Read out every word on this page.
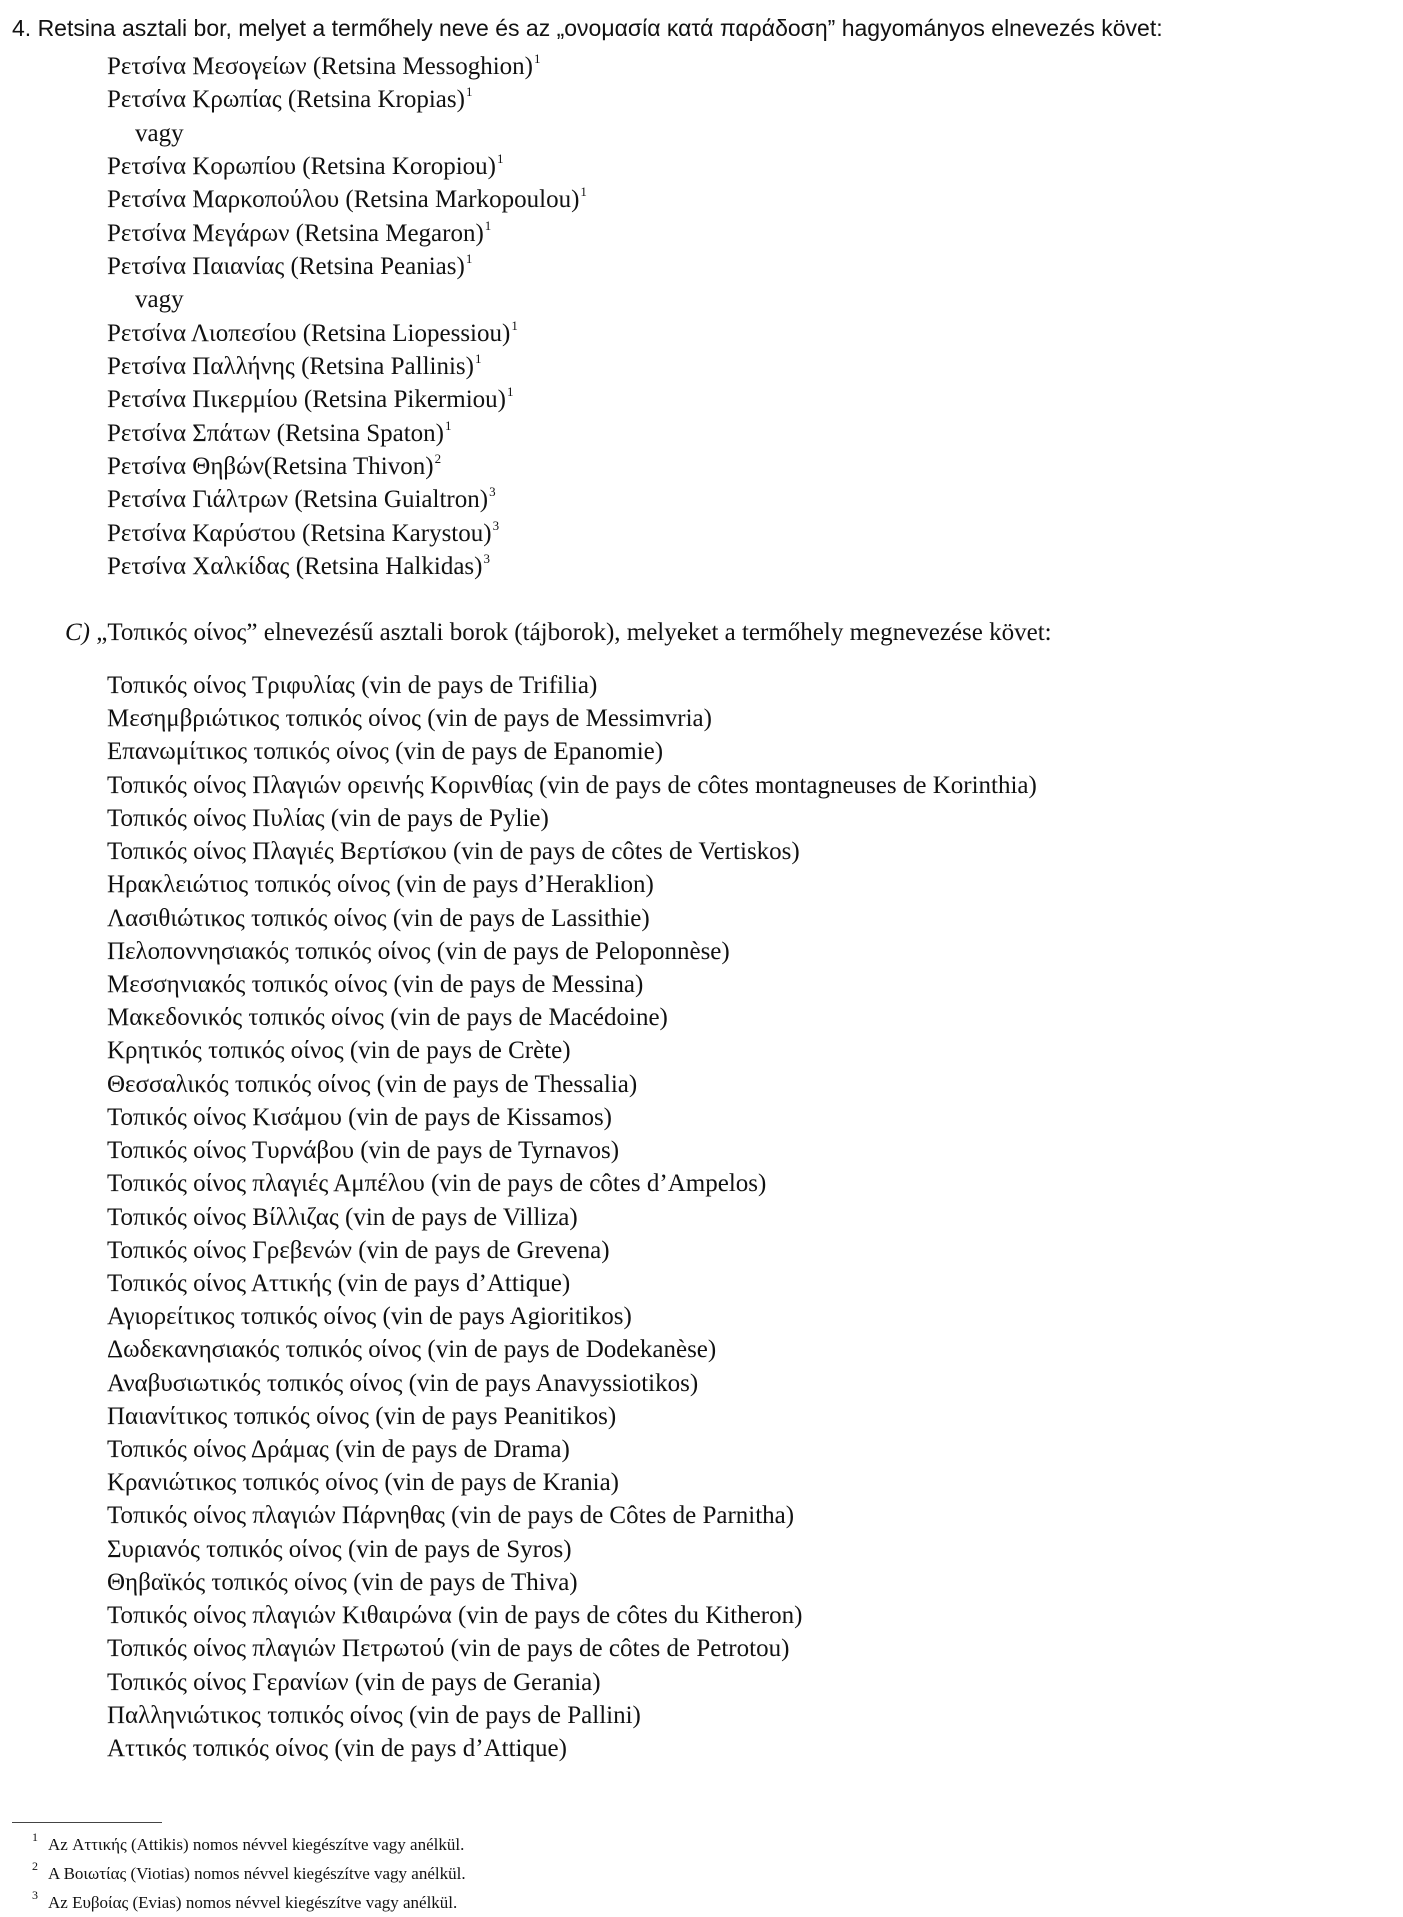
4. Retsina asztali bor, melyet a termőhely neve és az „ονομασία κατά παράδοση” hagyományos elnevezés követ:
Ρετσίνα Μεσογείων (Retsina Messoghion)$^1$
Ρετσίνα Κρωπίας (Retsina Kropias)$^1$
vagy
Ρετσίνα Κορωπίου (Retsina Koropiou)$^1$
Ρετσίνα Μαρκοπούλου (Retsina Markopoulou)$^1$
Ρετσίνα Μεγάρων (Retsina Megaron)$^1$
Ρετσίνα Παιανίας (Retsina Peanias)$^1$
vagy
Ρετσίνα Λιοπεσίου (Retsina Liopessiou)$^1$
Ρετσίνα Παλλήνης (Retsina Pallinis)$^1$
Ρετσίνα Πικερμίου (Retsina Pikermiou)$^1$
Ρετσίνα Σπάτων (Retsina Spaton)$^1$
Ρετσίνα Θηβών(Retsina Thivon)$^2$
Ρετσίνα Γιάλτρων (Retsina Guialtron)$^3$
Ρετσίνα Καρύστου (Retsina Karystou)$^3$
Ρετσίνα Χαλκίδας (Retsina Halkidas)$^3$
C) „Τοπικός οίνος” elnevezésű asztali borok (tájborok), melyeket a termőhely megnevezése követ:
Τοπικός οίνος Τριφυλίας (vin de pays de Trifilia)
Μεσημβριώτικος τοπικός οίνος (vin de pays de Messimvria)
Επανωμίτικος τοπικός οίνος (vin de pays de Epanomie)
Τοπικός οίνος Πλαγιών ορεινής Κορινθίας (vin de pays de côtes montagneuses de Korinthia)
Τοπικός οίνος Πυλίας (vin de pays de Pylie)
Τοπικός οίνος Πλαγιές Βερτίσκου (vin de pays de côtes de Vertiskos)
Ηρακλειώτιος τοπικός οίνος (vin de pays d’Heraklion)
Λασιθιώτικος τοπικός οίνος (vin de pays de Lassithie)
Πελοποννησιακός τοπικός οίνος (vin de pays de Peloponnèse)
Μεσσηνιακός τοπικός οίνος (vin de pays de Messina)
Μακεδονικός τοπικός οίνος (vin de pays de Macédoine)
Κρητικός τοπικός οίνος (vin de pays de Crète)
Θεσσαλικός τοπικός οίνος (vin de pays de Thessalia)
Τοπικός οίνος Κισάμου (vin de pays de Kissamos)
Τοπικός οίνος Τυρνάβου (vin de pays de Tyrnavos)
Τοπικός οίνος πλαγιές Αμπέλου (vin de pays de côtes d’Ampelos)
Τοπικός οίνος Βίλλιζας (vin de pays de Villiza)
Τοπικός οίνος Γρεβενών (vin de pays de Grevena)
Τοπικός οίνος Αττικής (vin de pays d’Attique)
Αγιορείτικος τοπικός οίνος (vin de pays Agioritikos)
Δωδεκανησιακός τοπικός οίνος (vin de pays de Dodekanèse)
Αναβυσιωτικός τοπικός οίνος (vin de pays Anavyssiotikos)
Παιανίτικος τοπικός οίνος (vin de pays Peanitikos)
Τοπικός οίνος Δράμας (vin de pays de Drama)
Κρανιώτικος τοπικός οίνος (vin de pays de Krania)
Τοπικός οίνος πλαγιών Πάρνηθας (vin de pays de Côtes de Parnitha)
Συριανός τοπικός οίνος (vin de pays de Syros)
Θηβαϊκός τοπικός οίνος (vin de pays de Thiva)
Τοπικός οίνος πλαγιών Κιθαιρώνα (vin de pays de côtes du Kitheron)
Τοπικός οίνος πλαγιών Πετρωτού (vin de pays de côtes de Petrotou)
Τοπικός οίνος Γερανίων (vin de pays de Gerania)
Παλληνιώτικος τοπικός οίνος (vin de pays de Pallini)
Αττικός τοπικός οίνος (vin de pays d’Attique)
1 Az Αττικής (Attikis) nomos névvel kiegészítve vagy anélkül.
2 A Βοιωτίας (Viotias) nomos névvel kiegészítve vagy anélkül.
3 Az Ευβοίας (Evias) nomos névvel kiegészítve vagy anélkül.
